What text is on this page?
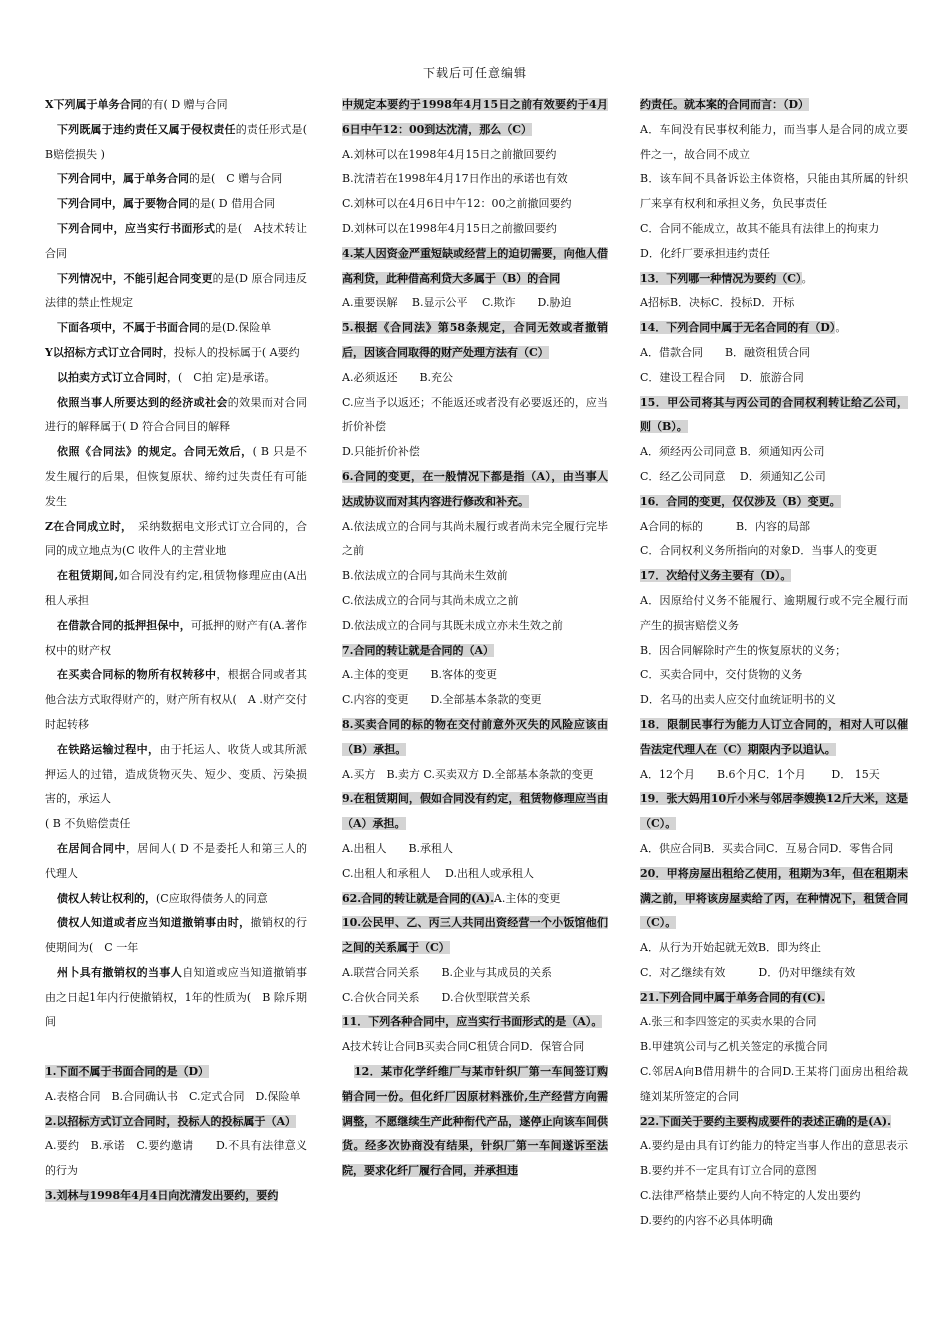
下载后可任意编辑

X下列属于单务合同的有( D 赠与合同

下列既属于违约责任又属于侵权责任的责任形式是( B赔偿损失 )

下列合同中，属于单务合同的是(　C 赠与合同

下列合同中，属于要物合同的是( D 借用合同

下列合同中，应当实行书面形式的是(　A技术转让合同

下列情况中，不能引起合同变更的是(D 原合同违反法律的禁止性规定

下面各项中，不属于书面合同的是(D.保险单

Y以招标方式订立合同时，投标人的投标属于( A要约

以拍卖方式订立合同时，(　C拍 定)是承诺。

依照当事人所要达到的经济或社会的效果而对合同进行的解释属于( D 符合合同目的解释

依照《合同法》的规定。合同无效后，( B 只是不发生履行的后果，但恢复原状、缔约过失责任有可能发生

Z在合同成立时，　采纳数据电文形式订立合同的，合同的成立地点为(C 收件人的主营业地

在租赁期间,如合同没有约定,租赁物修理应由(A出租人承担

在借款合同的抵押担保中，可抵押的财产有(A.著作权中的财产权

在买卖合同标的物所有权转移中，根据合同或者其他合法方式取得财产的，财产所有权从(　A .财产交付时起转移

在铁路运输过程中，由于托运人、收货人或其所派押运人的过错，造成货物灭失、短少、变质、污染损害的，承运人

( B 不负赔偿责任

在居间合同中，居间人( D 不是委托人和第三人的代理人

债权人转让权利的，(C应取得债务人的同意

债权人知道或者应当知道撤销事由时，撤销权的行使期间为(　C 一年

州卜具有撤销权的当事人自知道或应当知道撤销事由之日起1年内行使撤销权，1年的性质为(　B 除斥期间

1.下面不属于书面合同的是（D）

A.表格合同　B.合同确认书　C.定式合同　D.保险单

2.以招标方式订立合同时，投标人的投标属于（A）

A.要约　B.承诺　C.要约邀请　　D.不具有法律意义的行为

3.刘林与1998年4月4日向沈清发出要约，要约

中规定本要约于1998年4月15日之前有效要约于4月6日中午12：00到达沈清，那么（C）

A.刘林可以在1998年4月15日之前撤回要约

B.沈清若在1998年4月17日作出的承诺也有效

C.刘林可以在4月6日中午12：00之前撤回要约

D.刘林可以在1998年4月15日之前撤回要约

4.某人因资金严重短缺或经营上的迫切需要，向他人借高利贷，此种借高利贷大多属于（B）的合同

A.重要误解　 B.显示公平　 C.欺诈　　D.胁迫

5.根据《合同法》第58条规定，合同无效或者撤销后，因该合同取得的财产处理方法有（C）

A.必须返还　　B.充公

C.应当予以返还；不能返还或者没有必要返还的，应当折价补偿

D.只能折价补偿

6.合同的变更，在一般情况下都是指（A），由当事人达成协议而对其内容进行修改和补充。

A.依法成立的合同与其尚未履行或者尚未完全履行完毕之前

B.依法成立的合同与其尚未生效前

C.依法成立的合同与其尚未成立之前

D.依法成立的合同与其既未成立亦未生效之前

7.合同的转让就是合同的（A）

A.主体的变更　　B.客体的变更

C.内容的变更　　D.全部基本条款的变更

8.买卖合同的标的物在交付前意外灭失的风险应该由（B）承担。

A.买方　B.卖方 C.买卖双方 D.全部基本条款的变更

9.在租赁期间，假如合同没有约定，租赁物修理应当由（A）承担。

A.出租人　　B.承租人

C.出租人和承租人　 D.出租人或承租人

62.合同的转让就是合同的(A).A.主体的变更

10.公民甲、乙、丙三人共同出资经营一个小饭馆他们之间的关系属于（C）

A.联营合同关系　　B.企业与其成员的关系

C.合伙合同关系　　D.合伙型联营关系

11．下列各种合同中，应当实行书面形式的是（A）。

A技术转让合同B买卖合同C租赁合同D．保管合同

12．某市化学纤维厂与某市针织厂第一车间签订购销合同一份。但化纤厂因原材料涨价,生产经营方向需调整，不愿继续生产此种衔代产品，遂停止向该车间供货。经多次协商没有结果，针织厂第一车间遂诉至法院，要求化纤厂履行合同，并承担违

约责任。就本案的合同而言：（D）

A．车间没有民事权利能力，而当事人是合同的成立要件之一，故合同不成立

B．该车间不具备诉讼主体资格，只能由其所属的针织厂来享有权利和承担义务，负民事责任

C．合同不能成立，故其不能具有法律上的拘束力

D．化纤厂要承担违约责任

13．下列哪一种情况为要约（C）。

A招标B．决标C．投标D．开标

14．下列合同中属于无名合同的有（D）。

A．借款合同　　B．融资租赁合同

C．建设工程合同　 D．旅游合同

15．甲公司将其与丙公司的合同权利转让给乙公司，则（B）。

A．须经丙公司同意 B．须通知丙公司

C．经乙公司同意　 D．须通知乙公司

16．合同的变更，仅仅涉及（B）变更。

A合同的标的　　　B．内容的局部

C．合同权利义务所指向的对象D．当事人的变更

17．次给付义务主要有（D）。

A．因原给付义务不能履行、逾期履行或不完全履行而产生的损害赔偿义务

B．因合同解除时产生的恢复原状的义务；

C．买卖合同中，交付货物的义务

D．名马的出卖人应交付血统证明书的义

18．限制民事行为能力人订立合同的，相对人可以催告法定代理人在（C）期限内予以追认。

A．12个月　　B.6个月C．1个月　　 D． 15天

19．张大妈用10斤小米与邻居李嫂换12斤大米，这是（C）。

A．供应合同B．买卖合同C．互易合同D．零售合同

20．甲将房屋出租给乙使用，租期为3年，但在租期未满之前，甲将该房屋卖给了丙，在种情况下，租赁合同（C）。

A．从行为开始起就无效B．即为终止

C．对乙继续有效　　　D．仍对甲继续有效

21.下列合同中属于单务合同的有(C).

A.张三和李四签定的买卖水果的合同

B.甲建筑公司与乙机关签定的承揽合同

C.邻居A向B借用耕牛的合同D.王某将门面房出租给裁缝刘某所签定的合同

22.下面关于要约主要构成要件的表述正确的是(A).

A.要约是由具有订约能力的特定当事人作出的意思表示B.要约并不一定具有订立合同的意图

C.法律严格禁止要约人向不特定的人发出要约

D.要约的内容不必具体明确
